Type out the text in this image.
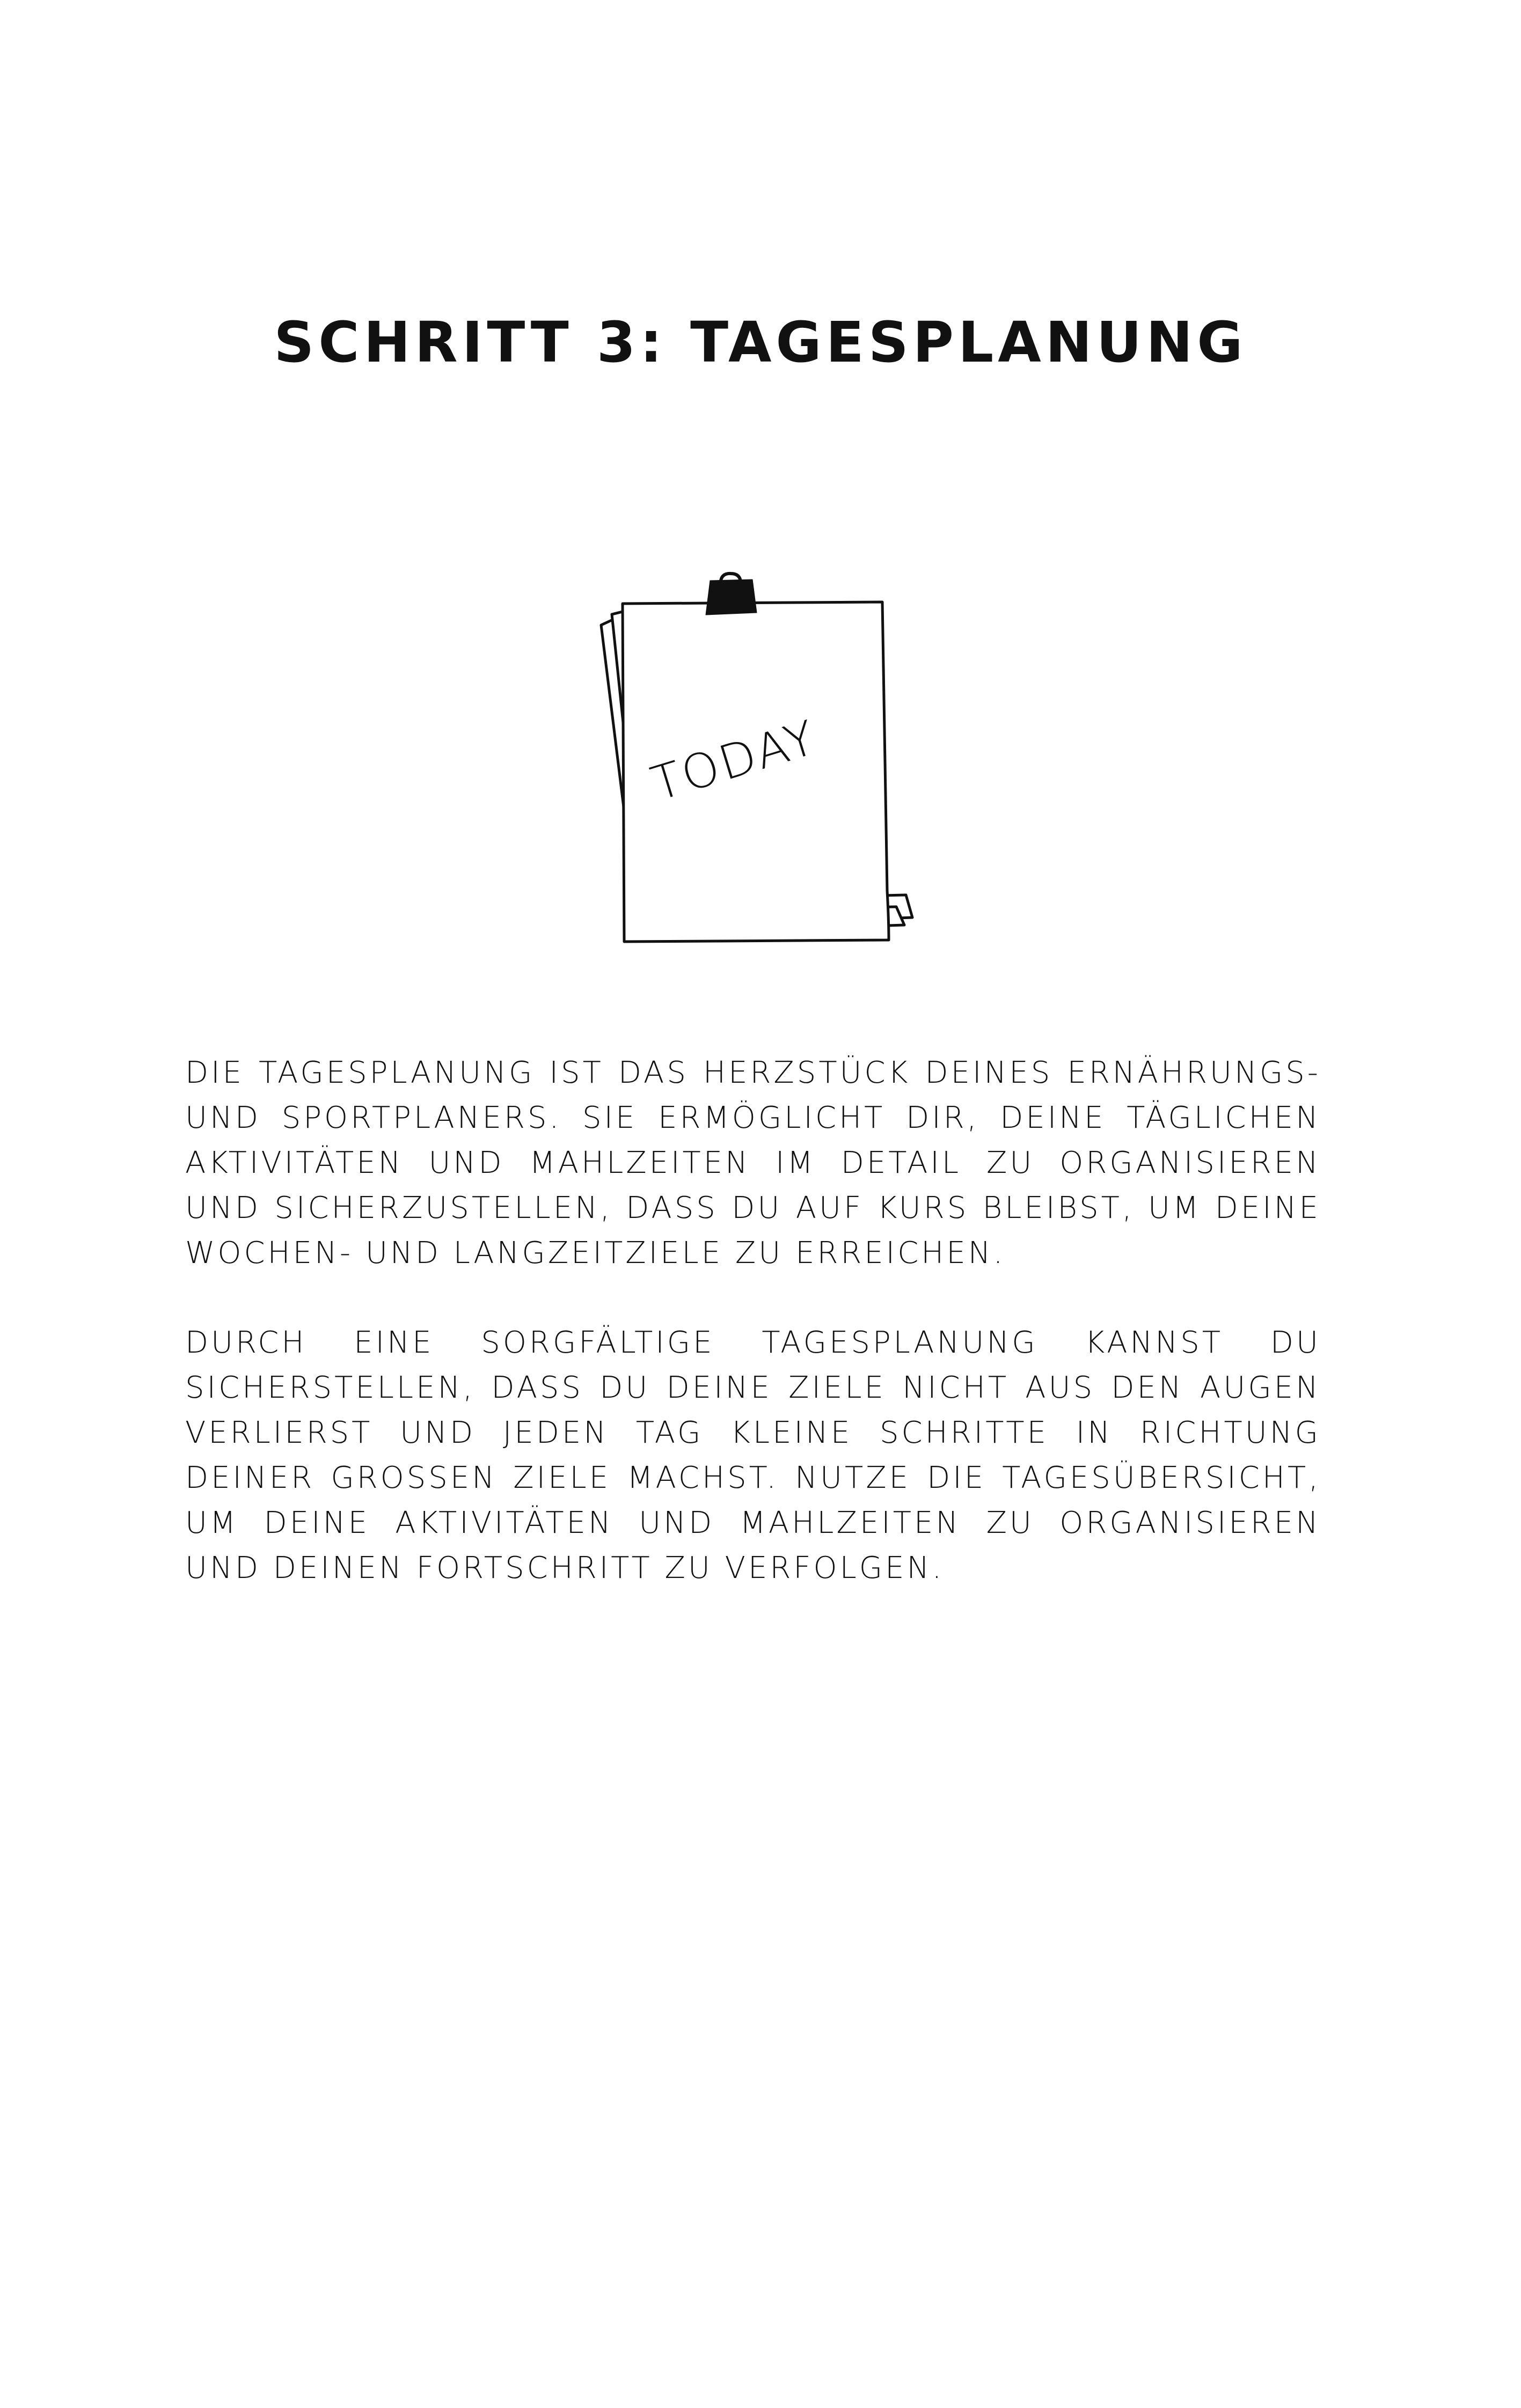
SCHRITT 3: TAGESPLANUNG
TODAY

DIE TAGESPLANUNG IST DAS HERZSTÜCK DEINES ERNÄHRUNGS- UND SPORTPLANERS. SIE ERMÖGLICHT DIR, DEINE TÄGLICHEN AKTIVITÄTEN UND MAHLZEITEN IM DETAIL ZU ORGANISIEREN UND SICHERZUSTELLEN, DASS DU AUF KURS BLEIBST, UM DEINE WOCHEN- UND LANGZEITZIELE ZU ERREICHEN.

DURCH EINE SORGFÄLTIGE TAGESPLANUNG KANNST DU SICHERSTELLEN, DASS DU DEINE ZIELE NICHT AUS DEN AUGEN VERLIERST UND JEDEN TAG KLEINE SCHRITTE IN RICHTUNG DEINER GROSSEN ZIELE MACHST. NUTZE DIE TAGESÜBERSICHT, UM DEINE AKTIVITÄTEN UND MAHLZEITEN ZU ORGANISIEREN UND DEINEN FORTSCHRITT ZU VERFOLGEN.
